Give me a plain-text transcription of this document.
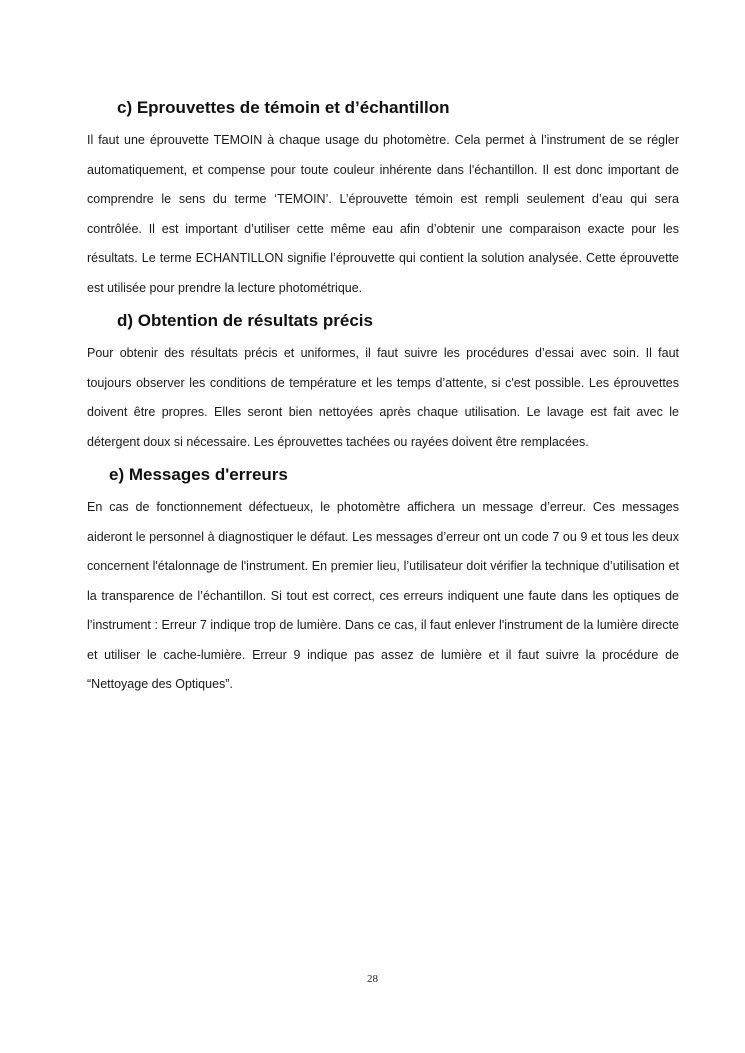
c) Eprouvettes de témoin et d’échantillon

Il faut une éprouvette TEMOIN à chaque usage du photomètre. Cela permet à l’instrument de se régler automatiquement, et compense pour toute couleur inhérente dans l'échantillon. Il est donc important de comprendre le sens du terme ‘TEMOIN’. L’éprouvette témoin est rempli seulement d’eau qui sera contrôlée. Il est important d’utiliser cette même eau afin d’obtenir une comparaison exacte pour les résultats. Le terme ECHANTILLON signifie l’éprouvette qui contient la solution analysée. Cette éprouvette est utilisée pour prendre la lecture photométrique.

d) Obtention de résultats précis

Pour obtenir des résultats précis et uniformes, il faut suivre les procédures d’essai avec soin. Il faut toujours observer les conditions de température et les temps d’attente, si c'est possible. Les éprouvettes doivent être propres. Elles seront bien nettoyées après chaque utilisation. Le lavage est fait avec le détergent doux si nécessaire. Les éprouvettes tachées ou rayées doivent être remplacées.

e) Messages d'erreurs

En cas de fonctionnement défectueux, le photomètre affichera un message d’erreur. Ces messages aideront le personnel à diagnostiquer le défaut. Les messages d’erreur ont un code 7 ou 9 et tous les deux concernent l'étalonnage de l'instrument. En premier lieu, l’utilisateur doit vérifier la technique d’utilisation et la transparence de l’échantillon. Si tout est correct, ces erreurs indiquent une faute dans les optiques de l’instrument : Erreur 7 indique trop de lumière. Dans ce cas, il faut enlever l'instrument de la lumière directe et utiliser le cache-lumière. Erreur 9 indique pas assez de lumière et il faut suivre la procédure de “Nettoyage des Optiques”.

28
